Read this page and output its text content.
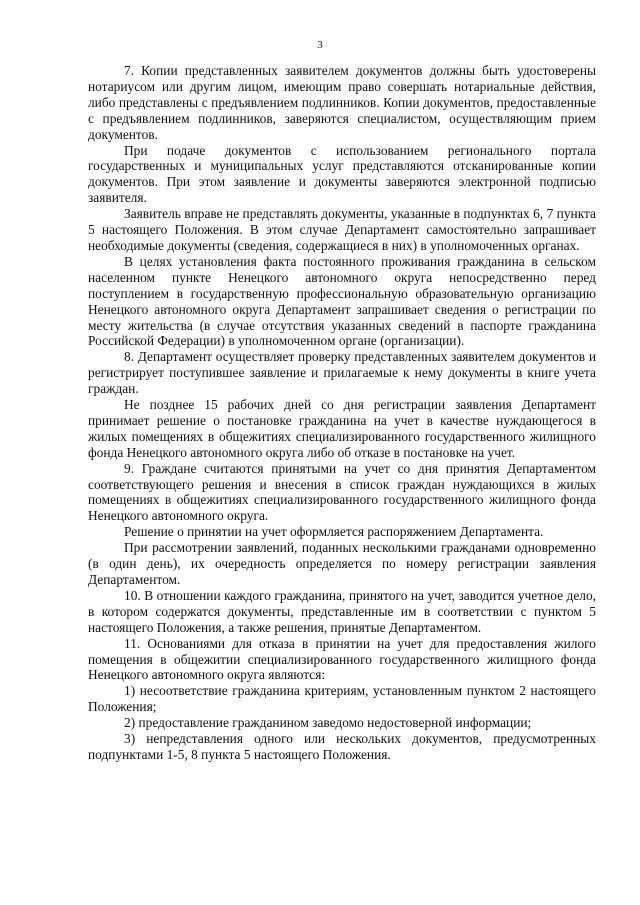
3

7. Копии представленных заявителем документов должны быть удостоверены нотариусом или другим лицом, имеющим право совершать нотариальные действия, либо представлены с предъявлением подлинников. Копии документов, предоставленные с предъявлением подлинников, заверяются специалистом, осуществляющим прием документов.

При подаче документов с использованием регионального портала государственных и муниципальных услуг представляются отсканированные копии документов. При этом заявление и документы заверяются электронной подписью заявителя.

Заявитель вправе не представлять документы, указанные в подпунктах 6, 7 пункта 5 настоящего Положения. В этом случае Департамент самостоятельно запрашивает необходимые документы (сведения, содержащиеся в них) в уполномоченных органах.

В целях установления факта постоянного проживания гражданина в сельском населенном пункте Ненецкого автономного округа непосредственно перед поступлением в государственную профессиональную образовательную организацию Ненецкого автономного округа Департамент запрашивает сведения о регистрации по месту жительства (в случае отсутствия указанных сведений в паспорте гражданина Российской Федерации) в уполномоченном органе (организации).

8. Департамент осуществляет проверку представленных заявителем документов и регистрирует поступившее заявление и прилагаемые к нему документы в книге учета граждан.

Не позднее 15 рабочих дней со дня регистрации заявления Департамент принимает решение о постановке гражданина на учет в качестве нуждающегося в жилых помещениях в общежитиях специализированного государственного жилищного фонда Ненецкого автономного округа либо об отказе в постановке на учет.

9. Граждане считаются принятыми на учет со дня принятия Департаментом соответствующего решения и внесения в список граждан нуждающихся в жилых помещениях в общежитиях специализированного государственного жилищного фонда Ненецкого автономного округа.

Решение о принятии на учет оформляется распоряжением Департамента.

При рассмотрении заявлений, поданных несколькими гражданами одновременно (в один день), их очередность определяется по номеру регистрации заявления Департаментом.

10. В отношении каждого гражданина, принятого на учет, заводится учетное дело, в котором содержатся документы, представленные им в соответствии с пунктом 5 настоящего Положения, а также решения, принятые Департаментом.

11. Основаниями для отказа в принятии на учет для предоставления жилого помещения в общежитии специализированного государственного жилищного фонда Ненецкого автономного округа являются:

1) несоответствие гражданина критериям, установленным пунктом 2 настоящего Положения;

2) предоставление гражданином заведомо недостоверной информации;

3) непредставления одного или нескольких документов, предусмотренных подпунктами 1-5, 8 пункта 5 настоящего Положения.
